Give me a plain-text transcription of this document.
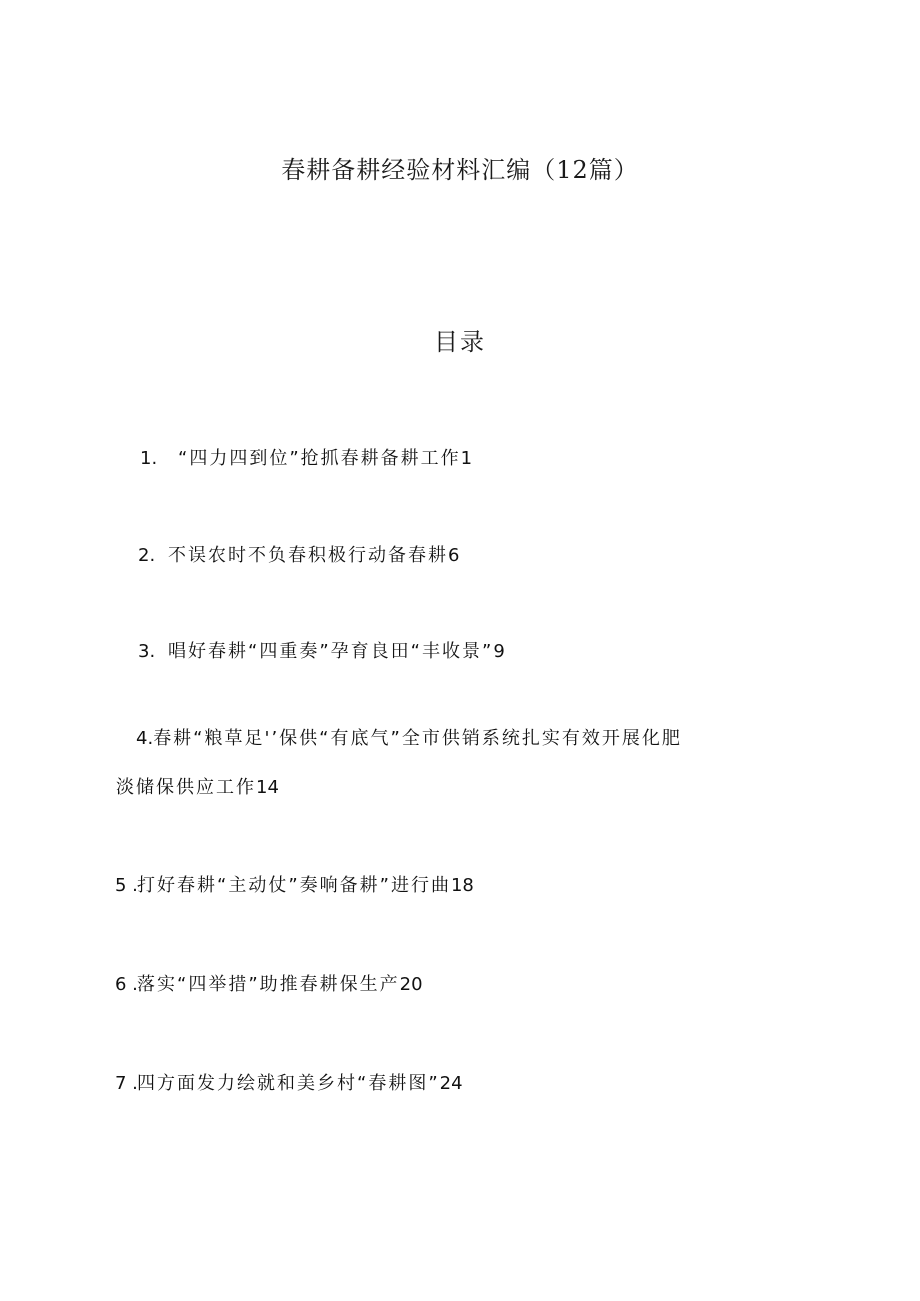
春耕备耕经验材料汇编（12篇）
目录
1. “四力四到位”抢抓春耕备耕工作1
2. 不误农时不负春积极行动备春耕6
3. 唱好春耕“四重奏”孕育良田“丰收景”9
4.春耕“粮草足'’保供“有底气”全市供销系统扎实有效开展化肥
淡储保供应工作14
5 .打好春耕“主动仗”奏响备耕”进行曲18
6 .落实“四举措”助推春耕保生产20
7 .四方面发力绘就和美乡村“春耕图”24
